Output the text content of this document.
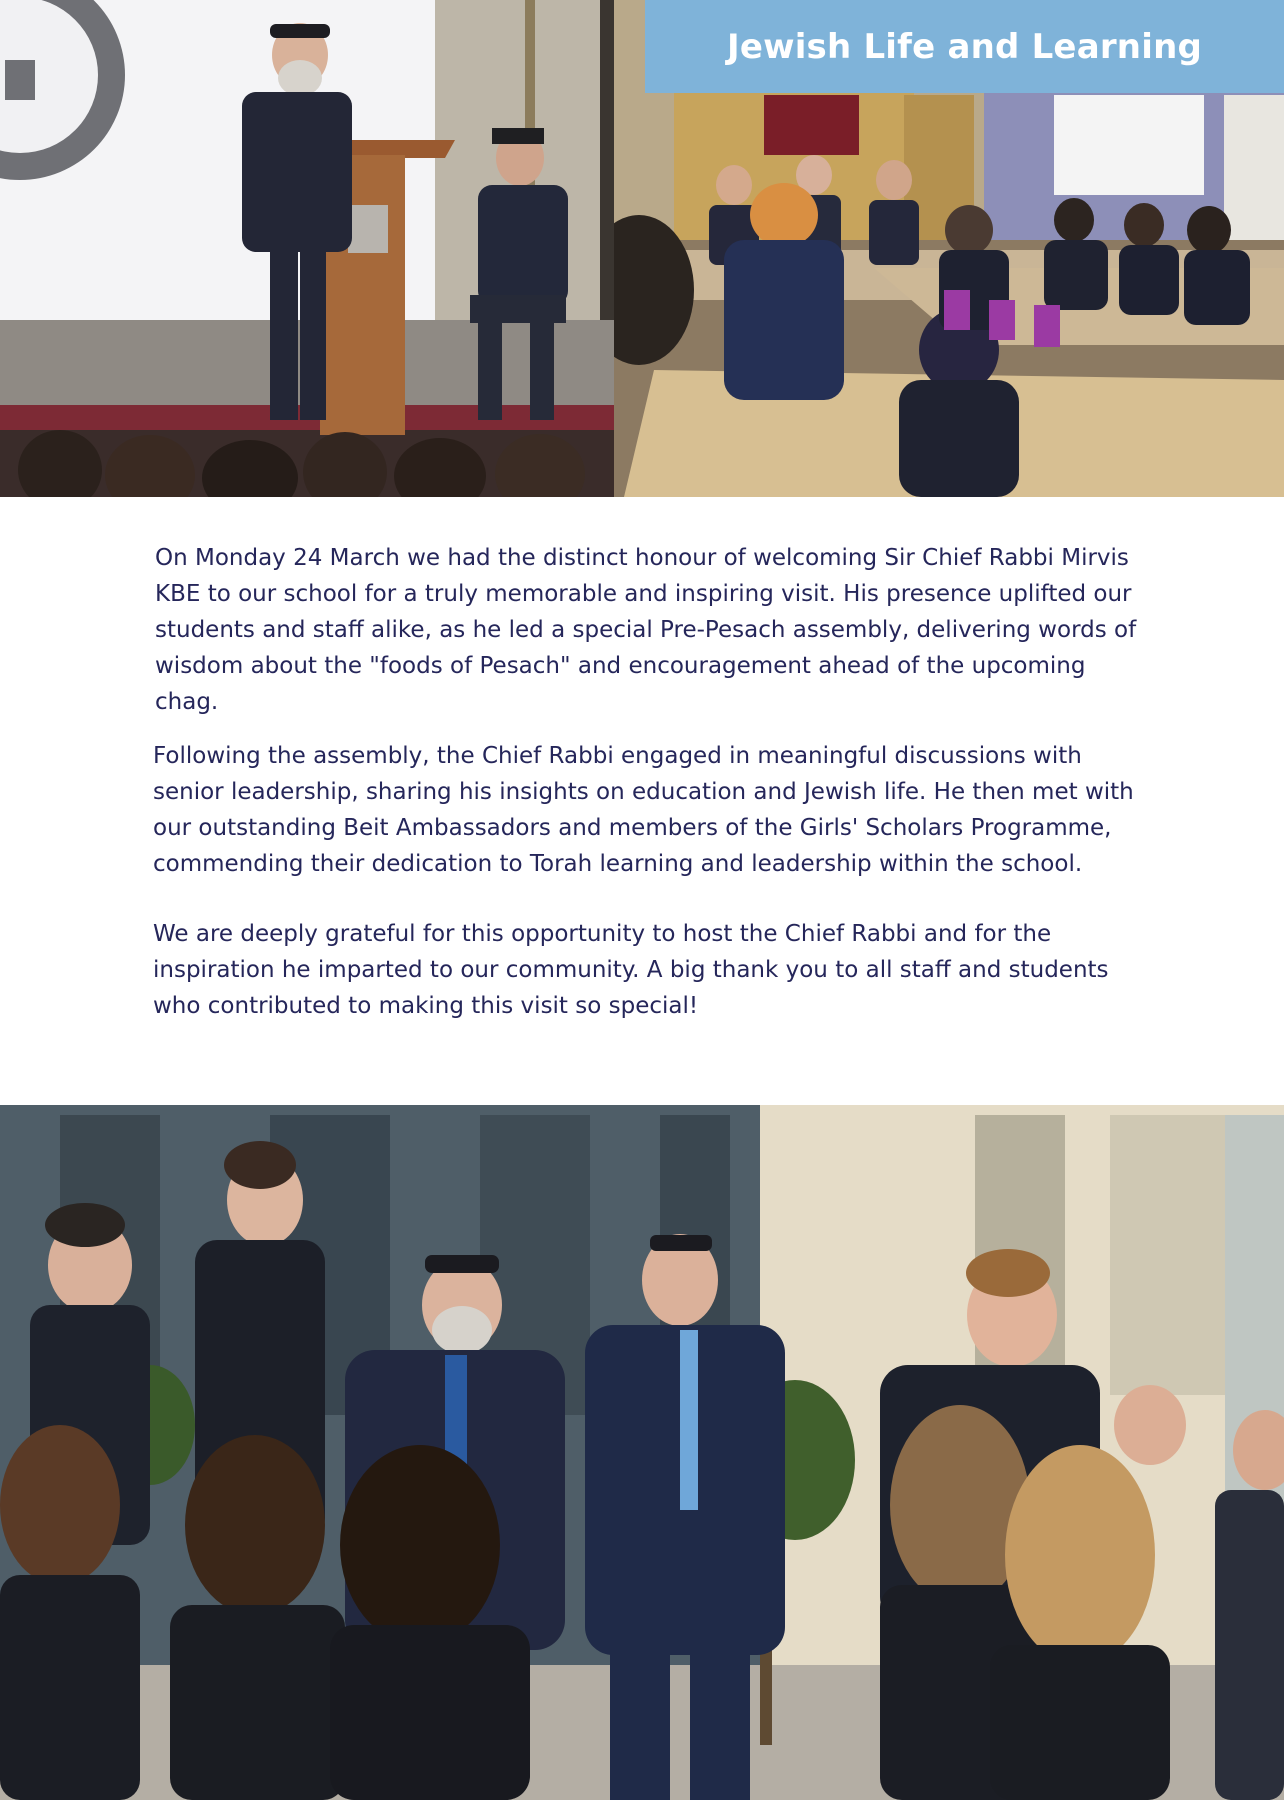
Jewish Life and Learning

On Monday 24 March we had the distinct honour of welcoming Sir Chief Rabbi Mirvis KBE to our school for a truly memorable and inspiring visit. His presence uplifted our students and staff alike, as he led a special Pre-Pesach assembly, delivering words of wisdom about the "foods of Pesach" and encouragement ahead of the upcoming chag.

Following the assembly, the Chief Rabbi engaged in meaningful discussions with senior leadership, sharing his insights on education and Jewish life. He then met with our outstanding Beit Ambassadors and members of the Girls' Scholars Programme, commending their dedication to Torah learning and leadership within the school.

We are deeply grateful for this opportunity to host the Chief Rabbi and for the inspiration he imparted to our community. A big thank you to all staff and students who contributed to making this visit so special!
